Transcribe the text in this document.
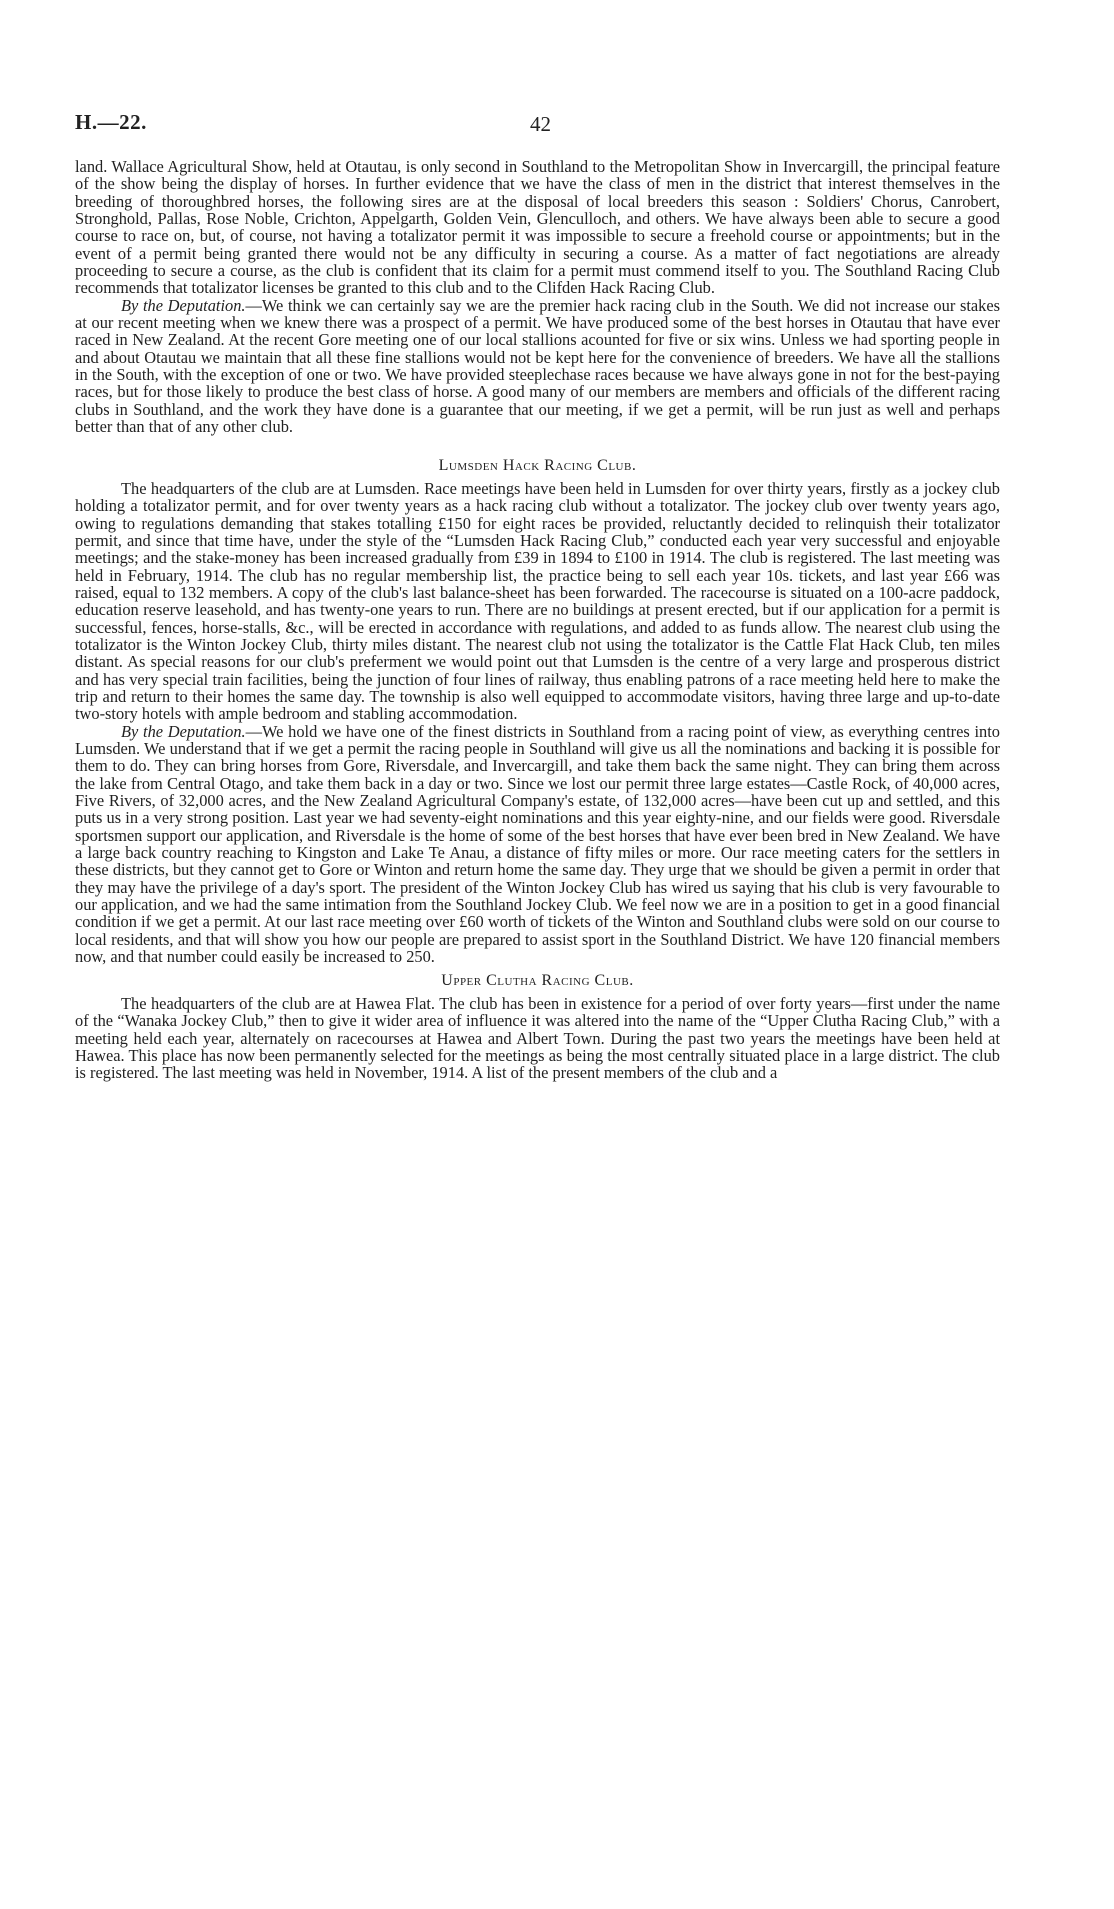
H.—22.	42

land. Wallace Agricultural Show, held at Otautau, is only second in Southland to the Metropolitan Show in Invercargill, the principal feature of the show being the display of horses. In further evidence that we have the class of men in the district that interest themselves in the breeding of thoroughbred horses, the following sires are at the disposal of local breeders this season : Soldiers' Chorus, Canrobert, Stronghold, Pallas, Rose Noble, Crichton, Appelgarth, Golden Vein, Glenculloch, and others. We have always been able to secure a good course to race on, but, of course, not having a totalizator permit it was impossible to secure a freehold course or appointments; but in the event of a permit being granted there would not be any difficulty in securing a course. As a matter of fact negotiations are already proceeding to secure a course, as the club is confident that its claim for a permit must commend itself to you. The Southland Racing Club recommends that totalizator licenses be granted to this club and to the Clifden Hack Racing Club.

By the Deputation.—We think we can certainly say we are the premier hack racing club in the South. We did not increase our stakes at our recent meeting when we knew there was a prospect of a permit. We have produced some of the best horses in Otautau that have ever raced in New Zealand. At the recent Gore meeting one of our local stallions acounted for five or six wins. Unless we had sporting people in and about Otautau we maintain that all these fine stallions would not be kept here for the convenience of breeders. We have all the stallions in the South, with the exception of one or two. We have provided steeplechase races because we have always gone in not for the best-paying races, but for those likely to produce the best class of horse. A good many of our members are members and officials of the different racing clubs in Southland, and the work they have done is a guarantee that our meeting, if we get a permit, will be run just as well and perhaps better than that of any other club.

Lumsden Hack Racing Club.

The headquarters of the club are at Lumsden. Race meetings have been held in Lumsden for over thirty years, firstly as a jockey club holding a totalizator permit, and for over twenty years as a hack racing club without a totalizator. The jockey club over twenty years ago, owing to regulations demanding that stakes totalling £150 for eight races be provided, reluctantly decided to relinquish their totalizator permit, and since that time have, under the style of the “Lumsden Hack Racing Club,” conducted each year very successful and enjoyable meetings; and the stake-money has been increased gradually from £39 in 1894 to £100 in 1914. The club is registered. The last meeting was held in February, 1914. The club has no regular membership list, the practice being to sell each year 10s. tickets, and last year £66 was raised, equal to 132 members. A copy of the club's last balance-sheet has been forwarded. The racecourse is situated on a 100-acre paddock, education reserve leasehold, and has twenty-one years to run. There are no buildings at present erected, but if our application for a permit is successful, fences, horse-stalls, &c., will be erected in accordance with regulations, and added to as funds allow. The nearest club using the totalizator is the Winton Jockey Club, thirty miles distant. The nearest club not using the totalizator is the Cattle Flat Hack Club, ten miles distant. As special reasons for our club's preferment we would point out that Lumsden is the centre of a very large and prosperous district and has very special train facilities, being the junction of four lines of railway, thus enabling patrons of a race meeting held here to make the trip and return to their homes the same day. The township is also well equipped to accommodate visitors, having three large and up-to-date two-story hotels with ample bedroom and stabling accommodation.

By the Deputation.—We hold we have one of the finest districts in Southland from a racing point of view, as everything centres into Lumsden. We understand that if we get a permit the racing people in Southland will give us all the nominations and backing it is possible for them to do. They can bring horses from Gore, Riversdale, and Invercargill, and take them back the same night. They can bring them across the lake from Central Otago, and take them back in a day or two. Since we lost our permit three large estates—Castle Rock, of 40,000 acres, Five Rivers, of 32,000 acres, and the New Zealand Agricultural Company's estate, of 132,000 acres—have been cut up and settled, and this puts us in a very strong position. Last year we had seventy-eight nominations and this year eighty-nine, and our fields were good. Riversdale sportsmen support our application, and Riversdale is the home of some of the best horses that have ever been bred in New Zealand. We have a large back country reaching to Kingston and Lake Te Anau, a distance of fifty miles or more. Our race meeting caters for the settlers in these districts, but they cannot get to Gore or Winton and return home the same day. They urge that we should be given a permit in order that they may have the privilege of a day's sport. The president of the Winton Jockey Club has wired us saying that his club is very favourable to our application, and we had the same intimation from the Southland Jockey Club. We feel now we are in a position to get in a good financial condition if we get a permit. At our last race meeting over £60 worth of tickets of the Winton and Southland clubs were sold on our course to local residents, and that will show you how our people are prepared to assist sport in the Southland District. We have 120 financial members now, and that number could easily be increased to 250.

Upper Clutha Racing Club.

The headquarters of the club are at Hawea Flat. The club has been in existence for a period of over forty years—first under the name of the “Wanaka Jockey Club,” then to give it wider area of influence it was altered into the name of the “Upper Clutha Racing Club,” with a meeting held each year, alternately on racecourses at Hawea and Albert Town. During the past two years the meetings have been held at Hawea. This place has now been permanently selected for the meetings as being the most centrally situated place in a large district. The club is registered. The last meeting was held in November, 1914. A list of the present members of the club and a
